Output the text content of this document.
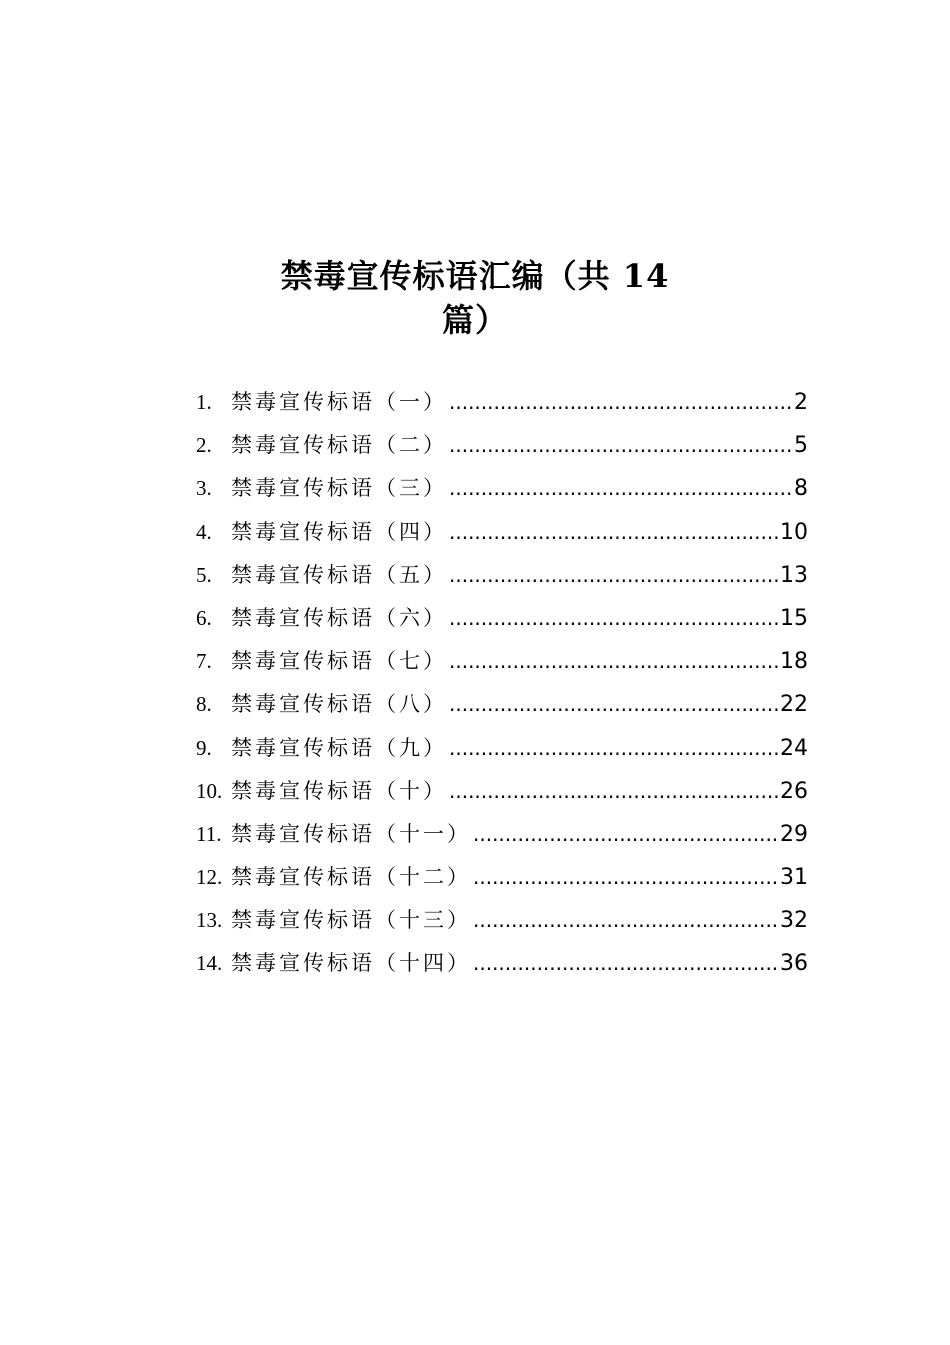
禁毒宣传标语汇编（共 14
篇）
1. 禁毒宣传标语（一） .....	2
2. 禁毒宣传标语（二） .....	5
3. 禁毒宣传标语（三） .....	8
4. 禁毒宣传标语（四） .....	10
5. 禁毒宣传标语（五） .....	13
6. 禁毒宣传标语（六） .....	15
7. 禁毒宣传标语（七） .....	18
8. 禁毒宣传标语（八） .....	22
9. 禁毒宣传标语（九） .....	24
10. 禁毒宣传标语（十） .....	26
11. 禁毒宣传标语（十一） .....	29
12. 禁毒宣传标语（十二） .....	31
13. 禁毒宣传标语（十三） .....	32
14. 禁毒宣传标语（十四） .....	36
